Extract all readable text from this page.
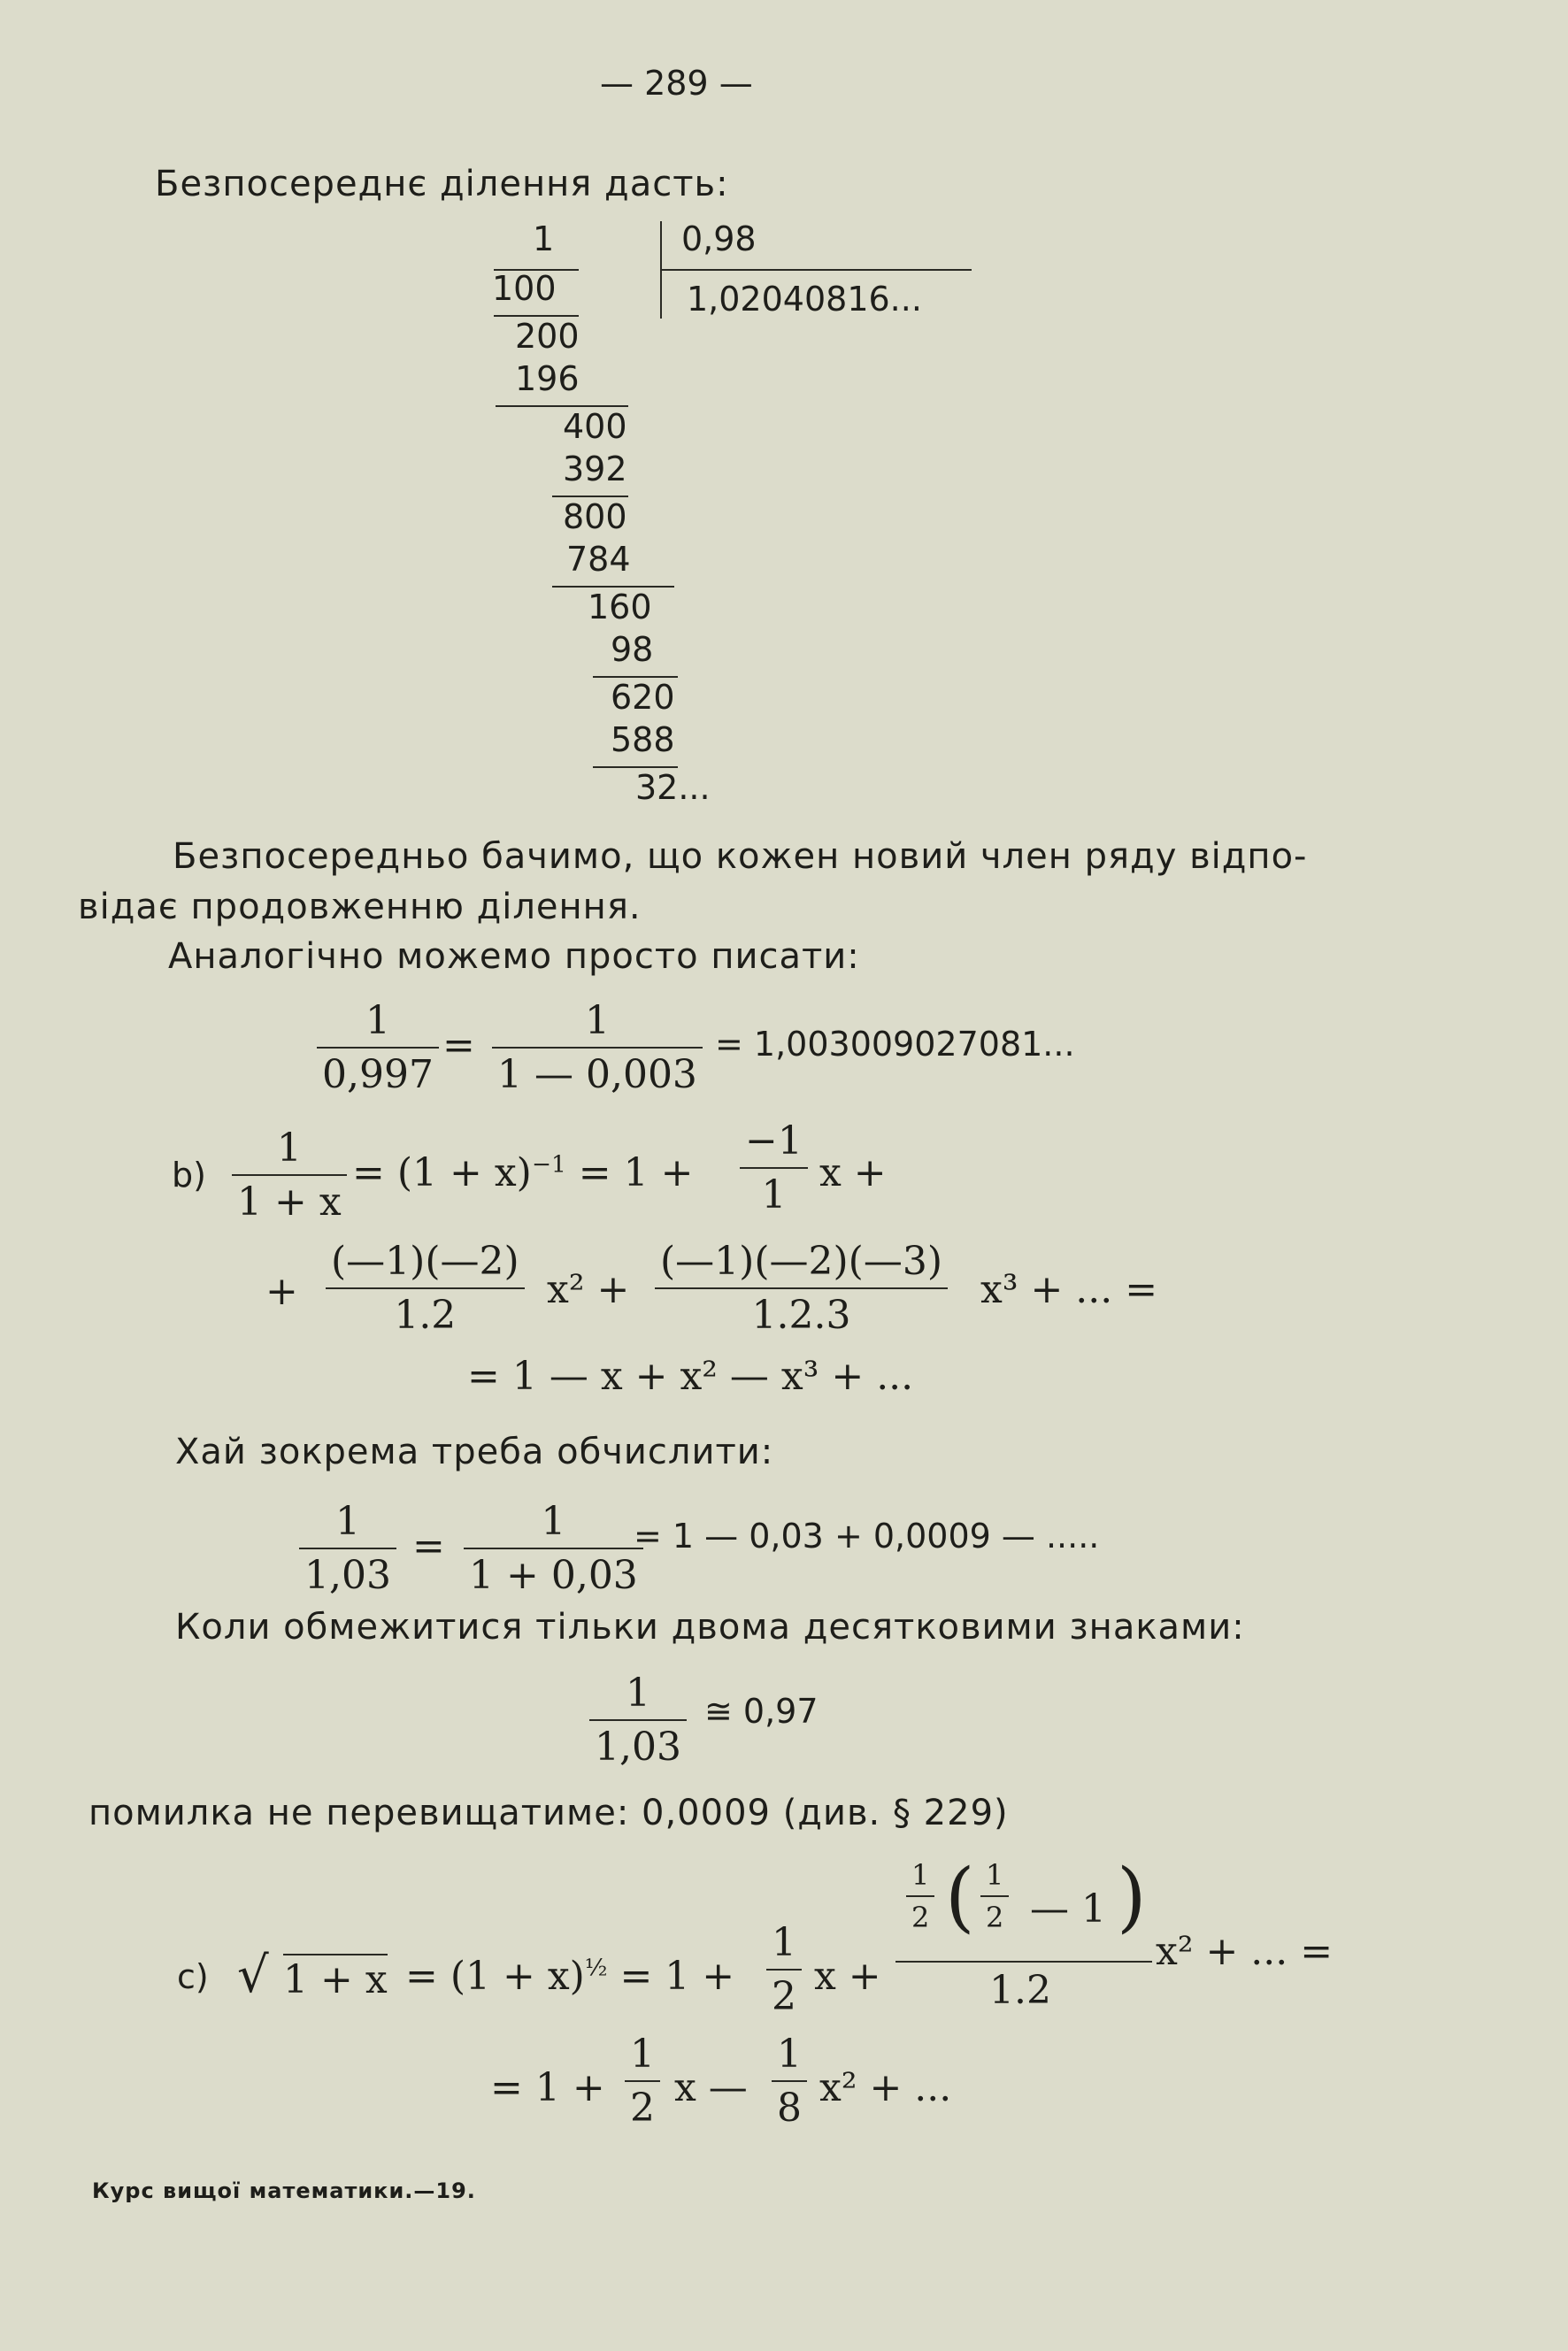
— 289 —
Безпосереднє ділення дасть:
1	0,98
1,02040816...
100
200
196
400
392
800
784
160
98
620
588
32...
Безпосередньо бачимо, що кожен новий член ряду відпо-
відає продовженню ділення.
Аналогічно можемо просто писати:
1
0,997
=
1
1 — 0,003
= 1,003009027081...
b)
1
1 + x
= $(1 + x)^{-1} = 1$ +
−1
1 x +
+
(—1)(—2)
1.2
x² +
(—1)(—2)(—3)
1.2.3
x³ + ... =
= 1 — x + x² — x³ + ...
Хай зокрема треба обчислити:
1
1,03
=
1
1 + 0,03
= 1 — 0,03 + 0,0009 — .....
Коли обмежитися тільки двома десятковими знаками:
1
1,03
≅ 0,97
помилка не перевищатиме: 0,0009 (див. § 229)
c) √ $1 + x = (1 + x)^{\frac{1}{2}} = 1$ +
1
2 x +
1
2 ( 1
2 — 1 )
1.2
x² + ... =
= 1 +
1
2 x —
1
8 x² + ...
Курс вищої математики.—19.
